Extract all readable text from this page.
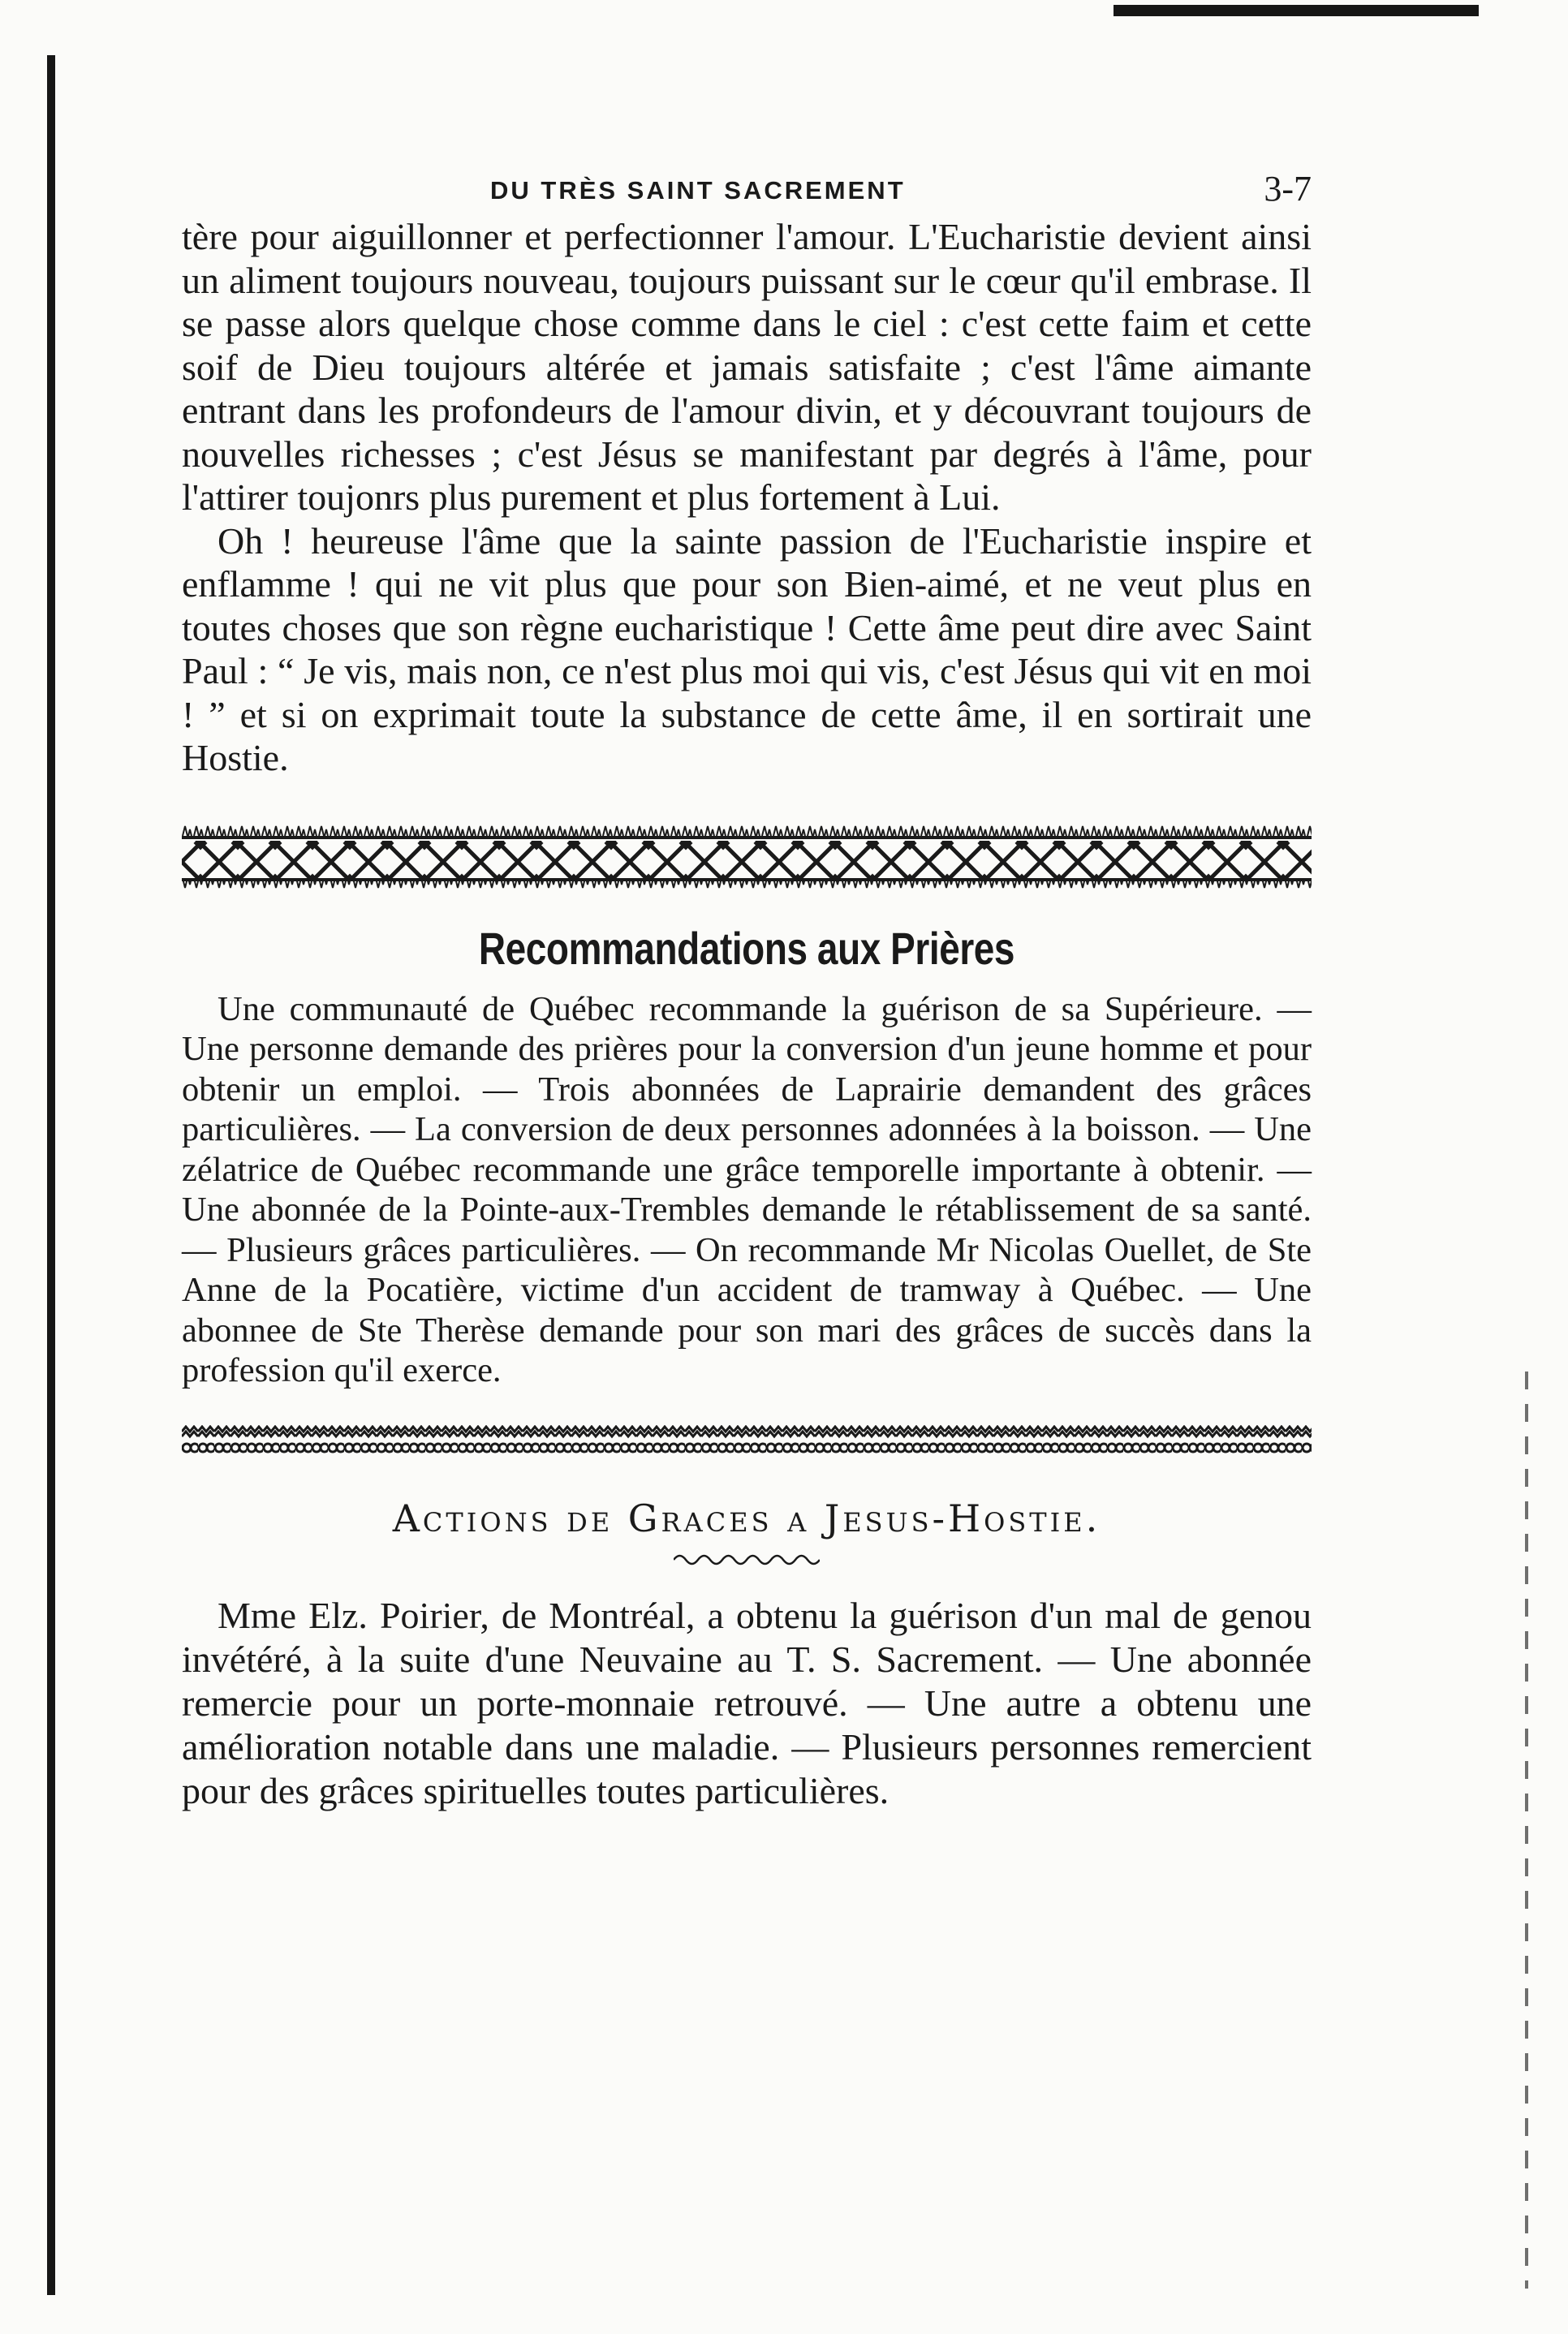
DU TRÈS SAINT SACREMENT	3-7

tère pour aiguillonner et perfectionner l'amour. L'Eucharistie devient ainsi un aliment toujours nouveau, toujours puissant sur le cœur qu'il embrase. Il se passe alors quelque chose comme dans le ciel : c'est cette faim et cette soif de Dieu toujours altérée et jamais satisfaite ; c'est l'âme aimante entrant dans les profondeurs de l'amour divin, et y découvrant toujours de nouvelles richesses ; c'est Jésus se manifestant par degrés à l'âme, pour l'attirer toujonrs plus purement et plus fortement à Lui.

Oh ! heureuse l'âme que la sainte passion de l'Eucharistie inspire et enflamme ! qui ne vit plus que pour son Bien-aimé, et ne veut plus en toutes choses que son règne eucharistique ! Cette âme peut dire avec Saint Paul : “ Je vis, mais non, ce n'est plus moi qui vis, c'est Jésus qui vit en moi ! ” et si on exprimait toute la substance de cette âme, il en sortirait une Hostie.

Recommandations aux Prières

Une communauté de Québec recommande la guérison de sa Supérieure. — Une personne demande des prières pour la conversion d'un jeune homme et pour obtenir un emploi. — Trois abonnées de Laprairie demandent des grâces particulières. — La conversion de deux personnes adonnées à la boisson. — Une zélatrice de Québec recommande une grâce temporelle importante à obtenir. — Une abonnée de la Pointe-aux-Trembles demande le rétablissement de sa santé. — Plusieurs grâces particulières. — On recommande Mr Nicolas Ouellet, de Ste Anne de la Pocatière, victime d'un accident de tramway à Québec. — Une abonnee de Ste Therèse demande pour son mari des grâces de succès dans la profession qu'il exerce.

Actions de Graces a Jesus-Hostie.

Mme Elz. Poirier, de Montréal, a obtenu la guérison d'un mal de genou invétéré, à la suite d'une Neuvaine au T. S. Sacrement. — Une abonnée remercie pour un porte-monnaie retrouvé. — Une autre a obtenu une amélioration notable dans une maladie. — Plusieurs personnes remercient pour des grâces spirituelles toutes particulières.
